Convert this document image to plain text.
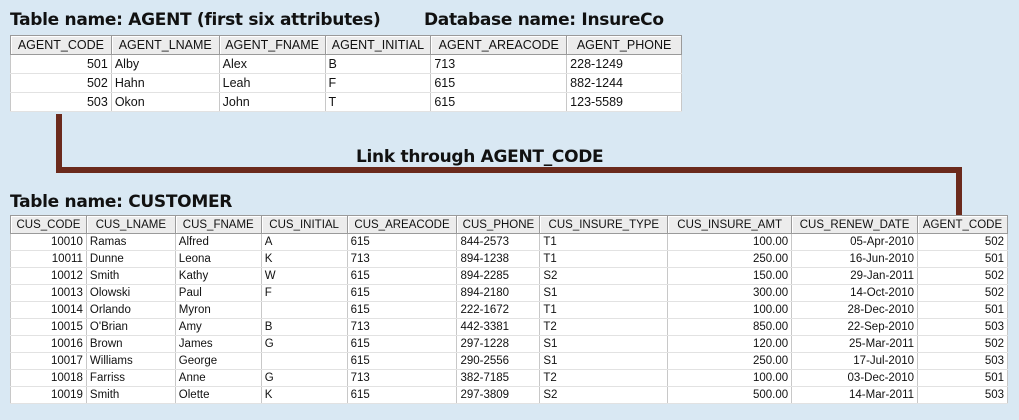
Table name: AGENT (first six attributes)	Database name: InsureCo
AGENT_CODE	AGENT_LNAME	AGENT_FNAME	AGENT_INITIAL	AGENT_AREACODE	AGENT_PHONE
501	Alby	Alex	B	713	228-1249
502	Hahn	Leah	F	615	882-1244
503	Okon	John	T	615	123-5589
Link through AGENT_CODE
Table name: CUSTOMER
CUS_CODE	CUS_LNAME	CUS_FNAME	CUS_INITIAL	CUS_AREACODE	CUS_PHONE	CUS_INSURE_TYPE	CUS_INSURE_AMT	CUS_RENEW_DATE	AGENT_CODE
10010	Ramas	Alfred	A	615	844-2573	T1	100.00	05-Apr-2010	502
10011	Dunne	Leona	K	713	894-1238	T1	250.00	16-Jun-2010	501
10012	Smith	Kathy	W	615	894-2285	S2	150.00	29-Jan-2011	502
10013	Olowski	Paul	F	615	894-2180	S1	300.00	14-Oct-2010	502
10014	Orlando	Myron		615	222-1672	T1	100.00	28-Dec-2010	501
10015	O'Brian	Amy	B	713	442-3381	T2	850.00	22-Sep-2010	503
10016	Brown	James	G	615	297-1228	S1	120.00	25-Mar-2011	502
10017	Williams	George		615	290-2556	S1	250.00	17-Jul-2010	503
10018	Farriss	Anne	G	713	382-7185	T2	100.00	03-Dec-2010	501
10019	Smith	Olette	K	615	297-3809	S2	500.00	14-Mar-2011	503
